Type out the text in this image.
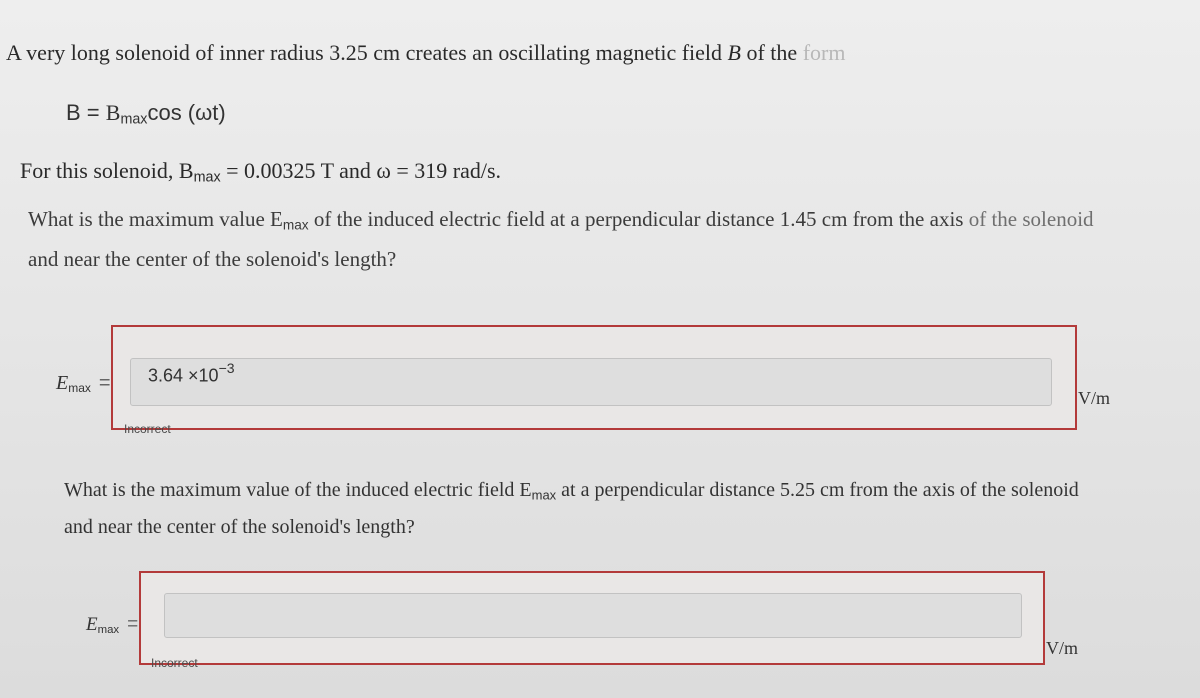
A very long solenoid of inner radius 3.25 cm creates an oscillating magnetic field B of the form
$B = B_{max}\cos$ (ωt)
For this solenoid, $B_{max} = 0.00325$ T and ω = 319 rad/s.
What is the maximum value $E_{max}$ of the induced electric field at a perpendicular distance 1.45 cm from the axis of the solenoid
and near the center of the solenoid's length?
$3.64 \times 10^{-3}$
$E_{max}$ =
V/m
Incorrect
What is the maximum value of the induced electric field $E_{max}$ at a perpendicular distance 5.25 cm from the axis of the solenoid
and near the center of the solenoid's length?
$E_{max}$ =
V/m
Incorrect
